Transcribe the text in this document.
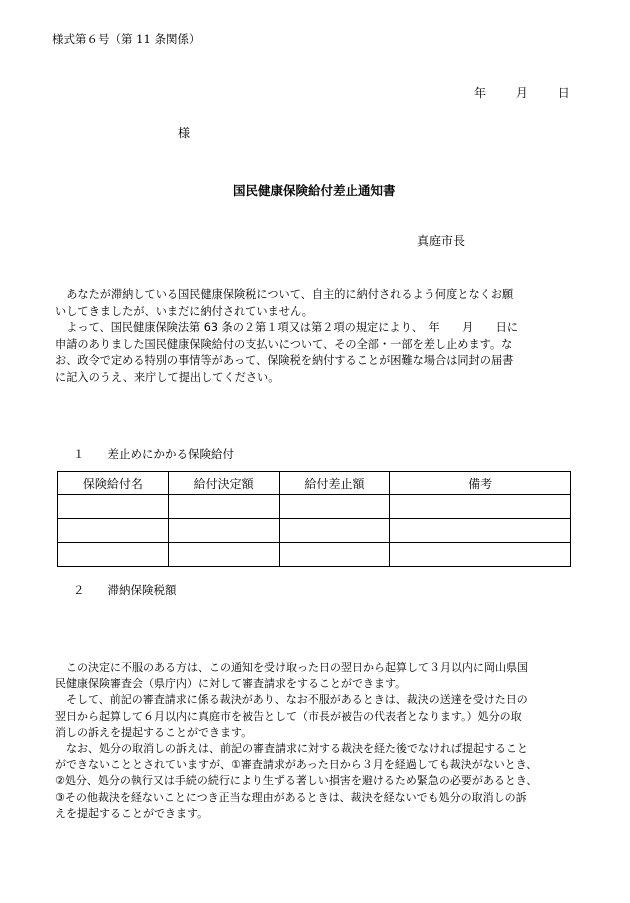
様式第６号（第 11 条関係）
年 月 日
様
国民健康保険給付差止通知書
真庭市長
　あなたが滞納している国民健康保険税について、自主的に納付されるよう何度となくお願
いしてきましたが、いまだに納付されていません。
　よって、国民健康保険法第 63 条の２第１項又は第２項の規定により、　年　　月　　日に
申請のありました国民健康保険給付の支払いについて、その全部・一部を差し止めます。な
お、政令で定める特別の事情等があって、保険税を納付することが困難な場合は同封の届書
に記入のうえ、来庁して提出してください。
１　　差止めにかかる保険給付
保険給付名	給付決定額	給付差止額	備考

２　　滞納保険税額
　この決定に不服のある方は、この通知を受け取った日の翌日から起算して３月以内に岡山県国
民健康保険審査会（県庁内）に対して審査請求をすることができます。
　そして、前記の審査請求に係る裁決があり、なお不服があるときは、裁決の送達を受けた日の
翌日から起算して６月以内に真庭市を被告として（市長が被告の代表者となります。）処分の取
消しの訴えを提起することができます。
　なお、処分の取消しの訴えは、前記の審査請求に対する裁決を経た後でなければ提起すること
ができないこととされていますが、①審査請求があった日から３月を経過しても裁決がないとき、
②処分、処分の執行又は手続の続行により生ずる著しい損害を避けるため緊急の必要があるとき、
③その他裁決を経ないことにつき正当な理由があるときは、裁決を経ないでも処分の取消しの訴
えを提起することができます。
